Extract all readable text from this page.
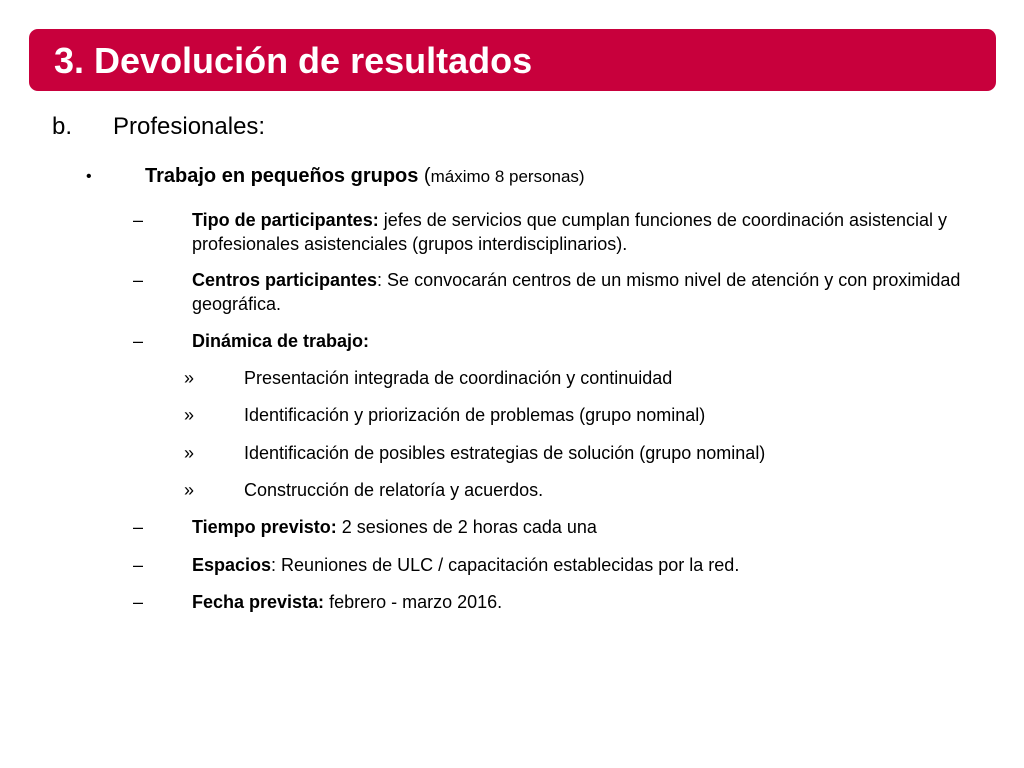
3. Devolución de resultados
b. Profesionales:
•	Trabajo en pequeños grupos (máximo 8 personas)
–	Tipo de participantes: jefes de servicios que cumplan funciones de coordinación asistencial y profesionales asistenciales (grupos interdisciplinarios).
–	Centros participantes: Se convocarán centros de un mismo nivel de atención y con proximidad geográfica.
–	Dinámica de trabajo:
»	Presentación integrada de coordinación y continuidad
»	Identificación y priorización de problemas (grupo nominal)
»	Identificación de posibles estrategias de solución (grupo nominal)
»	Construcción de relatoría y acuerdos.
–	Tiempo previsto: 2 sesiones de 2 horas cada una
–	Espacios: Reuniones de ULC / capacitación establecidas por la red.
–	Fecha prevista: febrero - marzo 2016.
